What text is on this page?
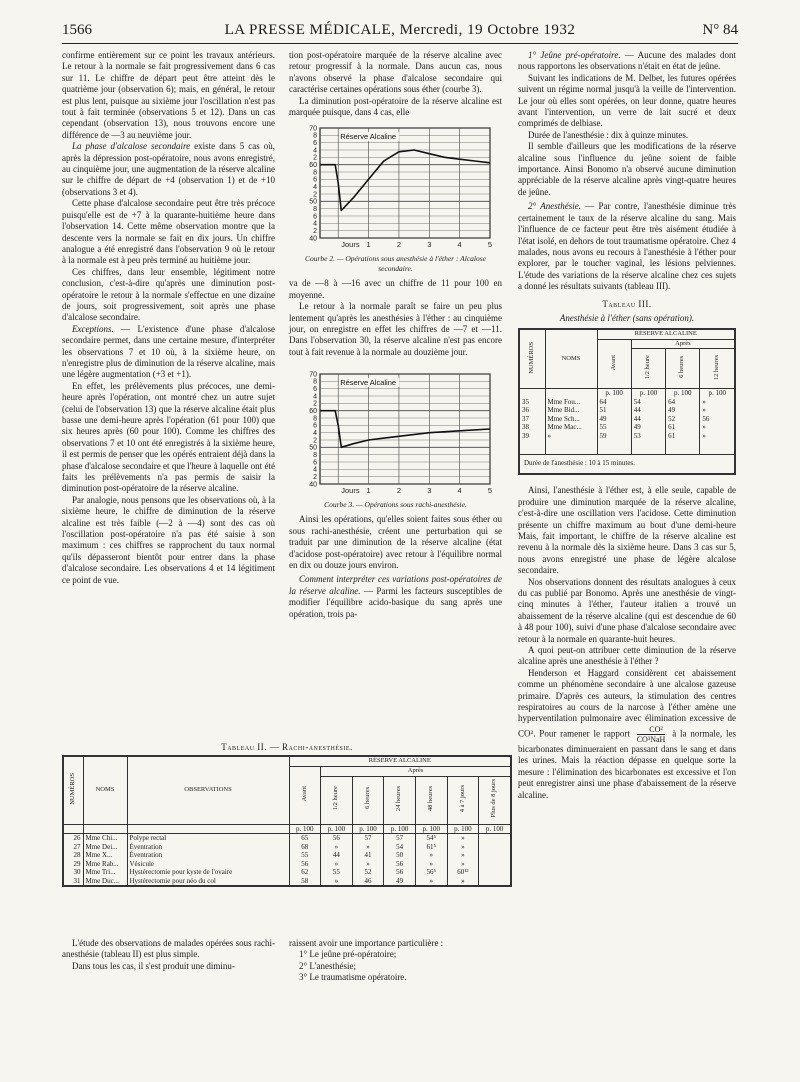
1566	LA PRESSE MÉDICALE, Mercredi, 19 Octobre 1932	N° 84

confirme entièrement sur ce point les travaux antérieurs. Le retour à la normale se fait progressivement dans 6 cas sur 11. Le chiffre de départ peut être atteint dès le quatrième jour (observation 6); mais, en général, le retour est plus lent, puisque au sixième jour l'oscillation n'est pas tout à fait terminée (observations 5 et 12). Dans un cas cependant (observation 13), nous trouvons encore une différence de —3 au neuvième jour.

La phase d'alcalose secondaire existe dans 5 cas où, après la dépression post-opératoire, nous avons enregistré, au cinquième jour, une augmentation de la réserve alcaline sur le chiffre de départ de +4 (observation 1) et de +10 (observations 3 et 4).

Cette phase d'alcalose secondaire peut être très précoce puisqu'elle est de +7 à la quarante-huitième heure dans l'observation 14. Cette même observation montre que la descente vers la normale se fait en dix jours. Un chiffre analogue a été enregistré dans l'observation 9 où le retour à la normale est à peu près terminé au huitième jour.

Ces chiffres, dans leur ensemble, légitiment notre conclusion, c'est-à-dire qu'après une diminution post-opératoire le retour à la normale s'effectue en une dizaine de jours, soit progressivement, soit après une phase d'alcalose secondaire.

Exceptions. — L'existence d'une phase d'alcalose secondaire permet, dans une certaine mesure, d'interpréter les observations 7 et 10 où, à la sixième heure, on n'enregistre plus de diminution de la réserve alcaline, mais une légère augmentation (+3 et +1).

En effet, les prélèvements plus précoces, une demi-heure après l'opération, ont montré chez un autre sujet (celui de l'observation 13) que la réserve alcaline était plus basse une demi-heure après l'opération (61 pour 100) que six heures après (60 pour 100). Comme les chiffres des observations 7 et 10 ont été enregistrés à la sixième heure, il est permis de penser que les opérés entraient déjà dans la phase d'alcalose secondaire et que l'heure à laquelle ont été faits les prélèvements n'a pas permis de saisir la diminution post-opératoire de la réserve alcaline.

Par analogie, nous pensons que les observations où, à la sixième heure, le chiffre de diminution de la réserve alcaline est très faible (—2 à —4) sont des cas où l'oscillation post-opératoire n'a pas été saisie à son maximum : ces chiffres se rapprochent du taux normal qu'ils dépasseront bientôt pour entrer dans la phase d'alcalose secondaire. Les observations 4 et 14 légitiment ce point de vue.

tion post-opératoire marquée de la réserve alcaline avec retour progressif à la normale. Dans aucun cas, nous n'avons observé la phase d'alcalose secondaire qui caractérise certaines opérations sous éther (courbe 3).

La diminution post-opératoire de la réserve alcaline est marquée puisque, dans 4 cas, elle

70
8
6
4
2
60
8
6
4
2
50
8
6
4
2
40
Jours 1	2	3	4	5
Réserve Alcaline
Courbe 2. — Opérations sous anesthésie à l'éther : Alcalose secondaire.

va de —8 à —16 avec un chiffre de 11 pour 100 en moyenne.

Le retour à la normale paraît se faire un peu plus lentement qu'après les anesthésies à l'éther : au cinquième jour, on enregistre en effet les chiffres de —7 et —11. Dans l'observation 30, la réserve alcaline n'est pas encore tout à fait revenue à la normale au douzième jour.

70
8
6
4
2
60
8
6
4
2
50
8
6
4
2
40
Jours 1	2	3	4	5
Réserve Alcaline
Courbe 3. — Opérations sous rachi-anesthésie.

Ainsi les opérations, qu'elles soient faites sous éther ou sous rachi-anesthésie, créent une perturbation qui se traduit par une diminution de la réserve alcaline (état d'acidose post-opératoire) avec retour à l'équilibre normal en dix ou douze jours environ.

Comment interpréter ces variations post-opératoires de la réserve alcaline. — Parmi les facteurs susceptibles de modifier l'équilibre acido-basique du sang après une opération, trois pa-

1° Jeûne pré-opératoire. — Aucune des malades dont nous rapportons les observations n'était en état de jeûne.

Suivant les indications de M. Delbet, les futures opérées suivent un régime normal jusqu'à la veille de l'intervention. Le jour où elles sont opérées, on leur donne, quatre heures avant l'intervention, un verre de lait sucré et deux comprimés de delbiase.

Durée de l'anesthésie : dix à quinze minutes.

Il semble d'ailleurs que les modifications de la réserve alcaline sous l'influence du jeûne soient de faible importance. Ainsi Bonomo n'a observé aucune diminution appréciable de la réserve alcaline après vingt-quatre heures de jeûne.

2° Anesthésie. — Par contre, l'anesthésie diminue très certainement le taux de la réserve alcaline du sang. Mais l'influence de ce facteur peut être très aisément étudiée à l'état isolé, en dehors de tout traumatisme opératoire. Chez 4 malades, nous avons eu recours à l'anesthésie à l'éther pour explorer, par le toucher vaginal, les lésions pelviennes. L'étude des variations de la réserve alcaline chez ces sujets a donné les résultats suivants (tableau III).

Tableau III.
Anesthésie à l'éther (sans opération).
NUMÉROS	NOMS	RÉSERVE ALCALINE			
		Avant	Après		
			1/2 heure	6 heures	12 heures
		p. 100	p. 100	p. 100	p. 100
35	Mme Fou...	64	54	64	»
36	Mme Bid...	51	44	49	»
37	Mme Sch...	49	44	52	56
38	Mme Mac...	55	49	61	»
39	»	59	53	61	»

Durée de l'anesthésie : 10 à 15 minutes.					

Ainsi, l'anesthésie à l'éther est, à elle seule, capable de produire une diminution marquée de la réserve alcaline, c'est-à-dire une oscillation vers l'acidose. Cette diminution présente un chiffre maximum au bout d'une demi-heure Mais, fait important, le chiffre de la réserve alcaline est revenu à la normale dès la sixième heure. Dans 3 cas sur 5, nous avons enregistré une phase de légère alcalose secondaire.

Nos observations donnent des résultats analogues à ceux du cas publié par Bonomo. Après une anesthésie de vingt-cinq minutes à l'éther, l'auteur italien a trouvé un abaissement de la réserve alcaline (qui est descendue de 60 à 48 pour 100), suivi d'une phase d'alcalose secondaire avec retour à la normale en quarante-huit heures.

A quoi peut-on attribuer cette diminution de la réserve alcaline après une anesthésie à l'éther ?

Henderson et Haggard considèrent cet abaissement comme un phénomène secondaire à une alcalose gazeuse primaire. D'après ces auteurs, la stimulation des centres respiratoires au cours de la narcose à l'éther amène une hyperventilation pulmonaire avec élimination excessive de CO². Pour ramener le rapport	CO²
CO³NaH à la normale, les bicarbonates diminueraient en passant dans le sang et dans les urines. Mais la réaction dépasse en quelque sorte la mesure : l'élimination des bicarbonates est excessive et l'on peut enregistrer ainsi une phase d'abaissement de la réserve alcaline.

Tableau II. — Rachi-anesthésie.
NUMÉROS	NOMS	OBSERVATIONS	RÉSERVE ALCALINE						
			Avant	Après					
				1/2 heure	6 heures	24 heures	48 heures	4 à 7 jours	Plus de 8 jours
			p. 100	p. 100	p. 100	p. 100	p. 100	p. 100	p. 100
26	Mme Chi...	Polype rectal	65	56	57	57	54⁵	»	
27	Mme Dei...	Éventration	68	»	»	54	61⁵	»	
28	Mme X...	Éventration	55	44	41	50	»	»	
29	Mme Rab...	Vésicule	56	»	»	56	»	»	
30	Mme Tri...	Hystérectomie pour kyste de l'ovaire	62	55	52	56	56⁵	60¹²	
31	Mme Duc...	Hystérectomie pour néo du col	58	»	46	49	»	»	

L'étude des observations de malades opérées sous rachi-anesthésie (tableau II) est plus simple.

Dans tous les cas, il s'est produit une diminu-

raissent avoir une importance particulière :

1° Le jeûne pré-opératoire;

2° L'anesthésie;

3° Le traumatisme opératoire.
